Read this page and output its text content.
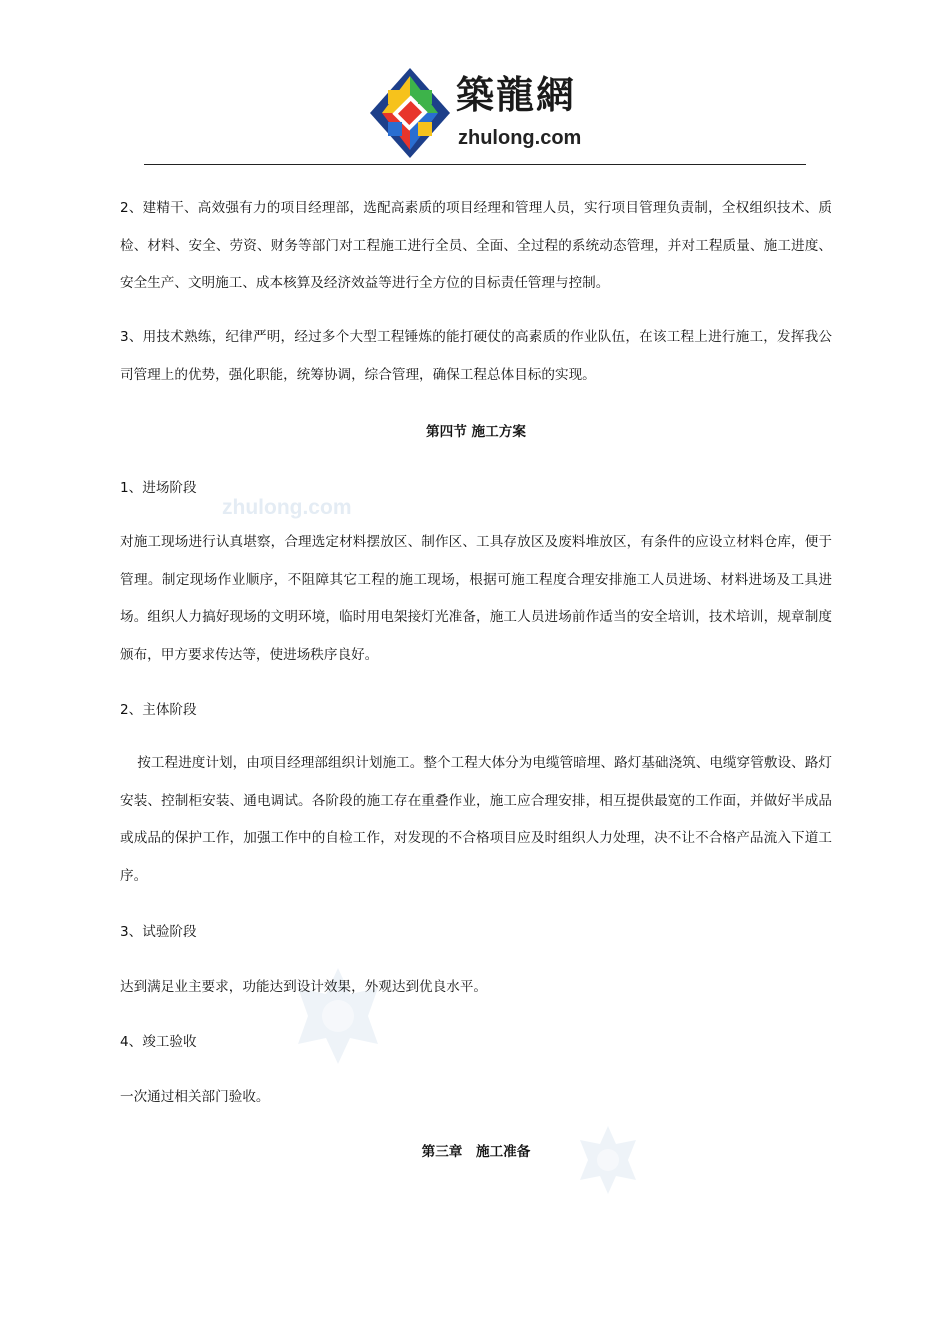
築龍網
zhulong.com
zhulong.com

2、建精干、高效强有力的项目经理部，选配高素质的项目经理和管理人员，实行项目管理负责制，全权组织技术、质检、材料、安全、劳资、财务等部门对工程施工进行全员、全面、全过程的系统动态管理，并对工程质量、施工进度、安全生产、文明施工、成本核算及经济效益等进行全方位的目标责任管理与控制。

3、用技术熟练，纪律严明，经过多个大型工程锤炼的能打硬仗的高素质的作业队伍，在该工程上进行施工，发挥我公司管理上的优势，强化职能，统筹协调，综合管理，确保工程总体目标的实现。

第四节 施工方案
1、进场阶段

对施工现场进行认真堪察，合理选定材料摆放区、制作区、工具存放区及废料堆放区，有条件的应设立材料仓库，便于管理。制定现场作业顺序，不阻障其它工程的施工现场，根据可施工程度合理安排施工人员进场、材料进场及工具进场。组织人力搞好现场的文明环境，临时用电架接灯光准备，施工人员进场前作适当的安全培训，技术培训，规章制度颁布，甲方要求传达等，使进场秩序良好。

2、主体阶段

按工程进度计划，由项目经理部组织计划施工。整个工程大体分为电缆管暗埋、路灯基础浇筑、电缆穿管敷设、路灯安装、控制柜安装、通电调试。各阶段的施工存在重叠作业，施工应合理安排，相互提供最宽的工作面，并做好半成品或成品的保护工作，加强工作中的自检工作，对发现的不合格项目应及时组织人力处理，决不让不合格产品流入下道工序。

3、试验阶段
达到满足业主要求，功能达到设计效果，外观达到优良水平。
4、竣工验收
一次通过相关部门验收。
第三章　施工准备
